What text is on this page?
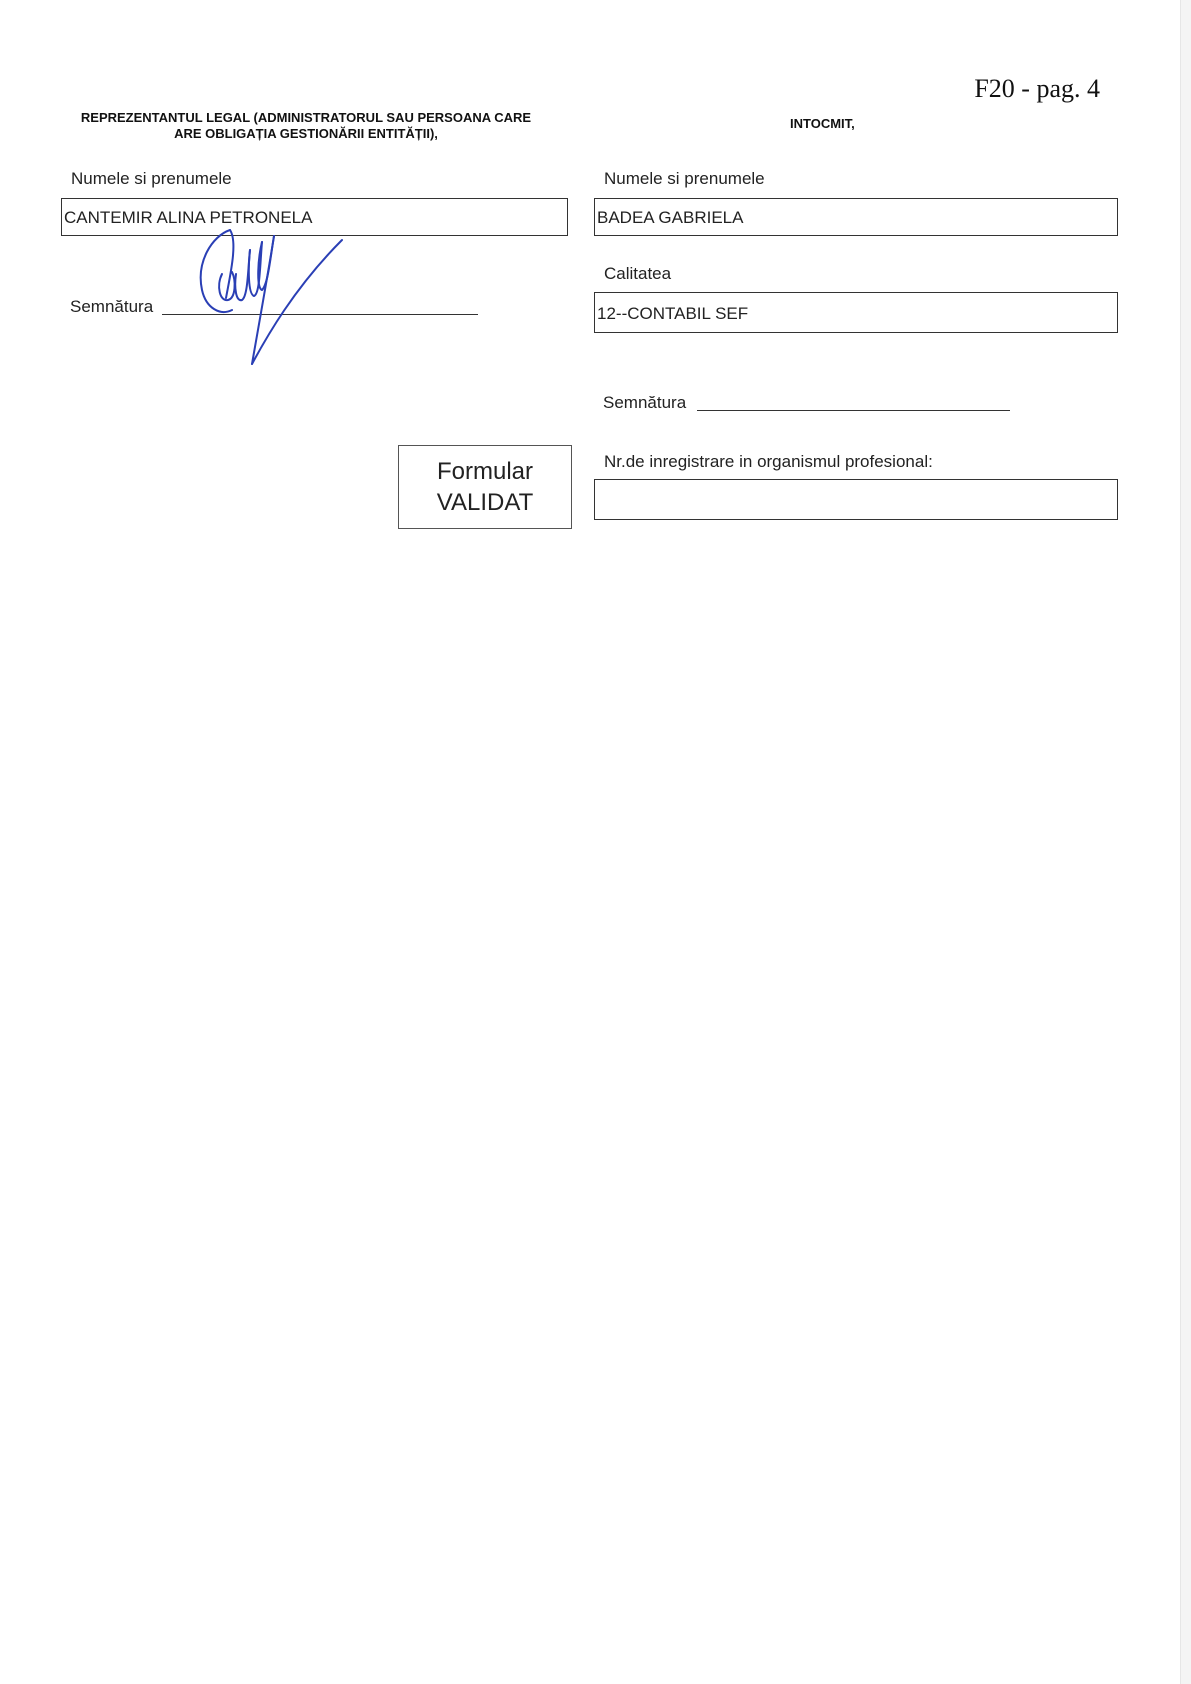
F20 - pag. 4
REPREZENTANTUL LEGAL (ADMINISTRATORUL SAU PERSOANA CARE
ARE OBLIGAȚIA GESTIONĂRII ENTITĂȚII),
Numele si prenumele
CANTEMIR ALINA PETRONELA
Semnătura
Formular
VALIDAT
INTOCMIT,
Numele si prenumele
BADEA GABRIELA
Calitatea
12--CONTABIL SEF
Semnătura
Nr.de inregistrare in organismul profesional:
